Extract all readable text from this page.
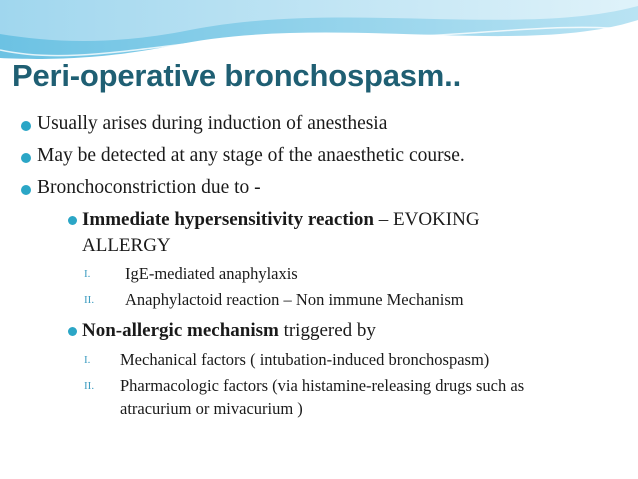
Peri-operative bronchospasm..
Usually arises during induction of anesthesia
May be detected at any stage of the anaesthetic course.
Bronchoconstriction due to -
Immediate hypersensitivity reaction – EVOKING
ALLERGY
I. IgE-mediated anaphylaxis
II. Anaphylactoid reaction – Non immune Mechanism
Non-allergic mechanism triggered by
I. Mechanical factors ( intubation-induced bronchospasm)
II. Pharmacologic factors (via histamine-releasing drugs such as
atracurium or mivacurium )
